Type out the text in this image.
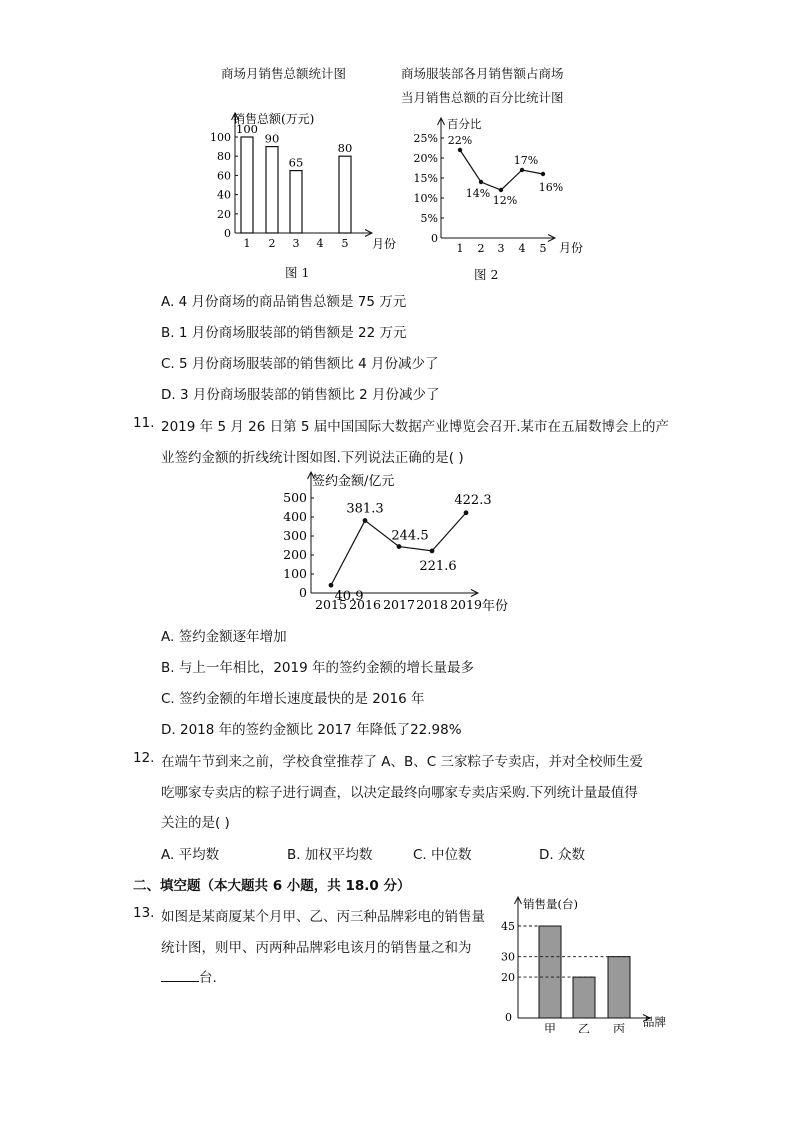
商场月销售总额统计图
销售总额(万元)
月份
0
20
40
60
80
100
1
100
2
90
3
65
4 5
80
图 1
商场服装部各月销售额占商场
当月销售总额的百分比统计图
百分比
月份
0
5%
10%
15%
20%
25% 22%
1
14%
2
12%
3
17%
4
16%
5
图 2
A. 4 月份商场的商品销售总额是 75 万元
B. 1 月份商场服装部的销售额是 22 万元
C. 5 月份商场服装部的销售额比 4 月份减少了
D. 3 月份商场服装部的销售额比 2 月份减少了
11. 2019 年 5 月 26 日第 5 届中国国际大数据产业博览会召开.某市在五届数博会上的产
业签约金额的折线统计图如图.下列说法正确的是( )
签约金额/亿元
年份
0
100
200
300
400
500
40.9
2015
381.3
2016
244.5
2017
221.6
2018
422.3
2019
A. 签约金额逐年增加
B. 与上一年相比，2019 年的签约金额的增长量最多
C. 签约金额的年增长速度最快的是 2016 年
D. 2018 年的签约金额比 2017 年降低了22.98%
12. 在端午节到来之前，学校食堂推荐了 A、B、C 三家粽子专卖店，并对全校师生爱
吃哪家专卖店的粽子进行调查，以决定最终向哪家专卖店采购.下列统计量最值得
关注的是( )
A. 平均数	B. 加权平均数	C. 中位数	D. 众数
二、填空题（本大题共 6 小题，共 18.0 分）
13. 如图是某商厦某个月甲、乙、丙三种品牌彩电的销售量
统计图，则甲、丙两种品牌彩电该月的销售量之和为
台.
销售量(台)
品牌
0
甲 乙 丙
45
30
20
